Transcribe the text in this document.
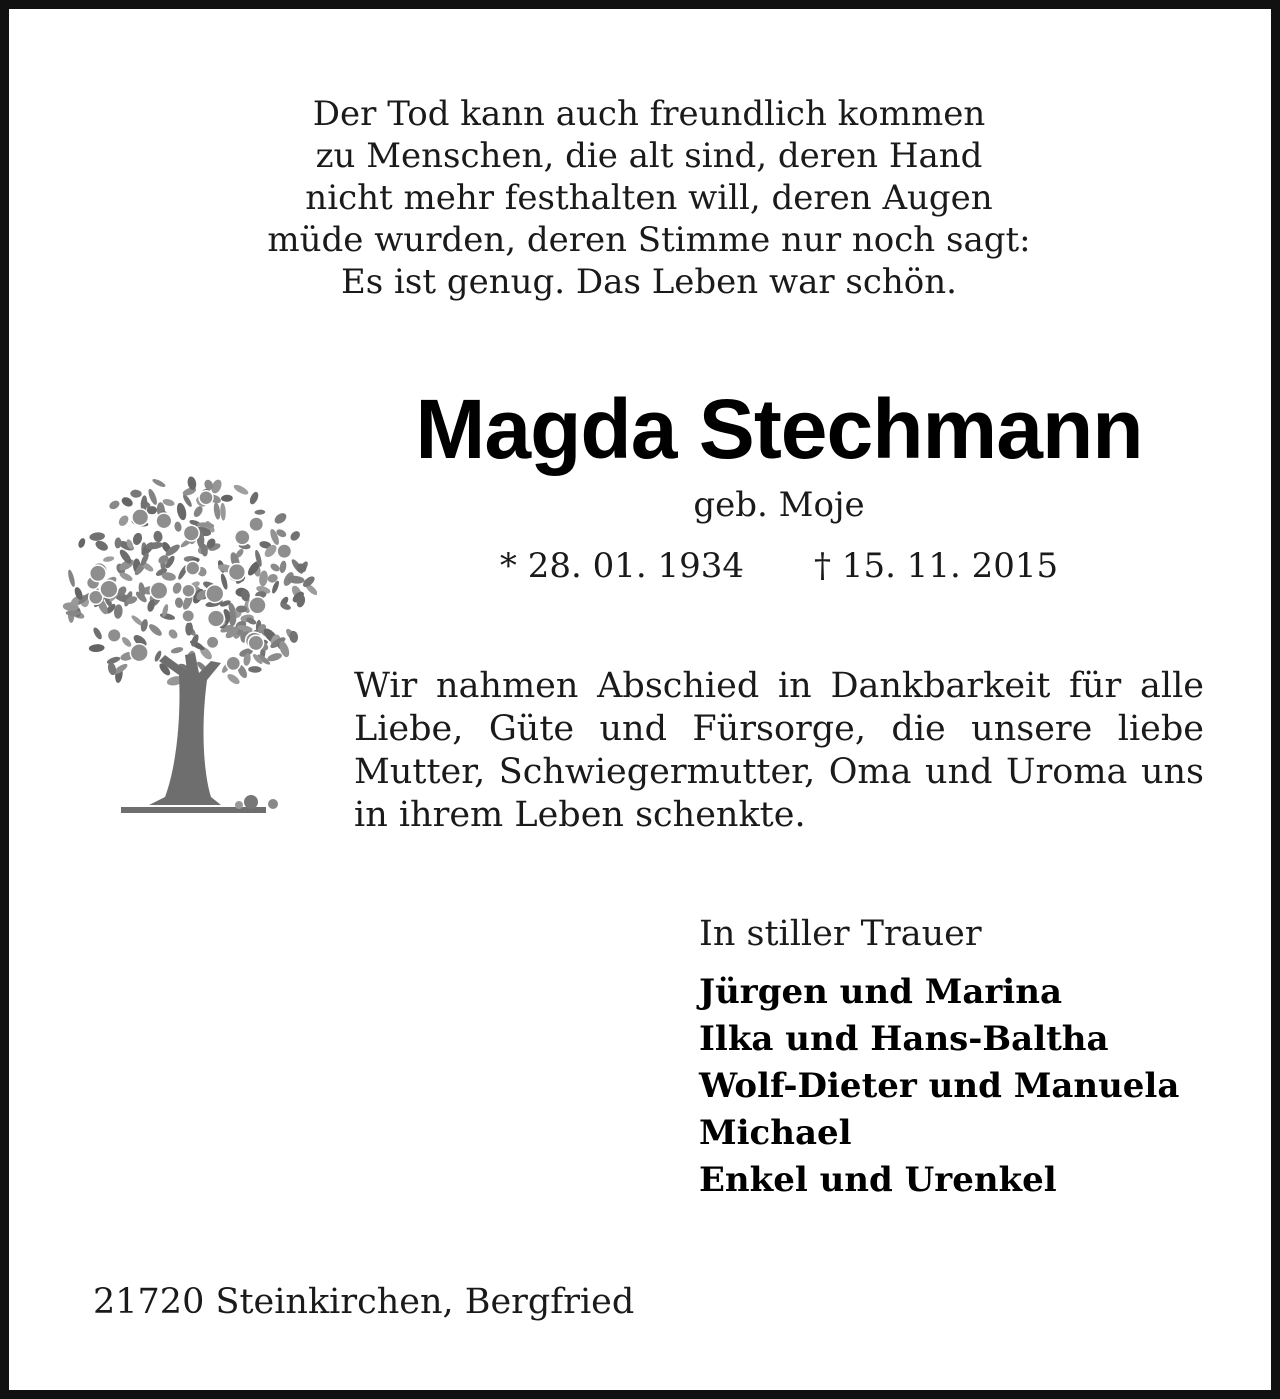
Der Tod kann auch freundlich kommen
zu Menschen, die alt sind, deren Hand
nicht mehr festhalten will, deren Augen
müde wurden, deren Stimme nur noch sagt:
Es ist genug. Das Leben war schön.
Magda Stechmann
geb. Moje
* 28. 01. 1934 † 15. 11. 2015
Wir nahmen Abschied in Dankbarkeit für alle Liebe, Güte und Fürsorge, die unsere liebe Mutter, Schwiegermutter, Oma und Uroma uns in ihrem Leben schenkte.
In stiller Trauer
Jürgen und Marina
Ilka und Hans-Baltha
Wolf-Dieter und Manuela
Michael
Enkel und Urenkel
21720 Steinkirchen, Bergfried
